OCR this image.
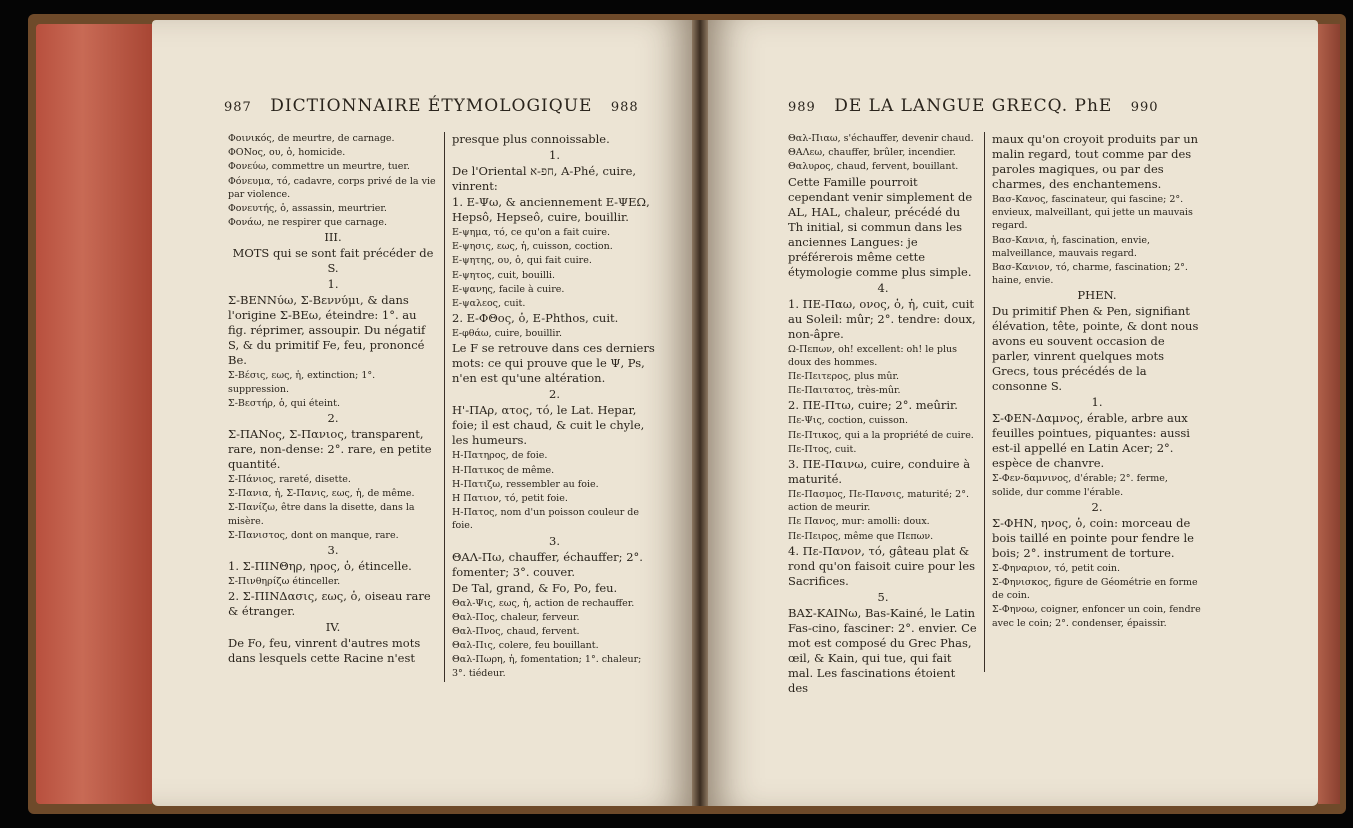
987 DICTIONNAIRE ÉTYMOLOGIQUE 988

Φοινικός, de meurtre, de carnage.

ΦΟΝος, ου, ὁ, homicide.

Φονεύω, commettre un meurtre, tuer.

Φόνευμα, τό, cadavre, corps privé de la vie par violence.

Φονευτής, ὁ, assassin, meurtrier.

Φονάω, ne respirer que carnage.

III.

MOTS qui se sont fait précéder de S.

1.

Σ-ΒΕΝΝύω, Σ-Βεννύμι, & dans l'origine Σ-ΒΕω, éteindre: 1°. au fig. réprimer, assoupir. Du négatif S, & du primitif Fe, feu, prononcé Be.

Σ-Βέσις, εως, ἡ, extinction; 1°. suppression.

Σ-Βεστήρ, ὁ, qui éteint.

2.

Σ-ΠΑΝος, Σ-Πανιος, transparent, rare, non-dense: 2°. rare, en petite quantité.

Σ-Πάνιος, rareté, disette.

Σ-Πανια, ἡ, Σ-Πανις, εως, ἡ, de même.

Σ-Πανίζω, être dans la disette, dans la misère.

Σ-Πανιστος, dont on manque, rare.

3.

1. Σ-ΠΙΝΘηρ, ηρος, ὁ, étincelle.

Σ-Πινθηρίζω étinceller.

2. Σ-ΠΙΝΔασις, εως, ὁ, oiseau rare & étranger.

IV.

De Fo, feu, vinrent d'autres mots dans lesquels cette Racine n'est

presque plus connoissable.

1.

De l'Oriental חפ-א, A-Phé, cuire, vinrent:

1. Ε-Ψω, & anciennement Ε-ΨΕΩ, Hepsô, Hepseô, cuire, bouillir.

Ε-ψημα, τό, ce qu'on a fait cuire.

Ε-ψησις, εως, ἡ, cuisson, coction.

Ε-ψητης, ου, ὁ, qui fait cuire.

Ε-ψητος, cuit, bouilli.

Ε-ψανης, facile à cuire.

Ε-ψαλεος, cuit.

2. Ε-ΦΘος, ὁ, E-Phthos, cuit.

Ε-φθάω, cuire, bouillir.

Le F se retrouve dans ces derniers mots: ce qui prouve que le Ψ, Ps, n'en est qu'une altération.

2.

Η'-ΠΑρ, ατος, τό, le Lat. Hepar, foie; il est chaud, & cuit le chyle, les humeurs.

Η-Πατηρος, de foie.

Η-Πατικος de même.

Η-Πατιζω, ressembler au foie.

Η Πατιον, τό, petit foie.

Η-Πατος, nom d'un poisson couleur de foie.

3.

ΘΑΛ-Πω, chauffer, échauffer; 2°. fomenter; 3°. couver.

De Tal, grand, & Fo, Po, feu.

Θαλ-Ψις, εως, ἡ, action de rechauffer.

Θαλ-Πος, chaleur, ferveur.

Θαλ-Πνος, chaud, fervent.

Θαλ-Πις, colere, feu bouillant.

Θαλ-Πωρη, ἡ, fomentation; 1°. chaleur; 3°. tiédeur.

989 DE LA LANGUE GRECQ. PhE 990

Θαλ-Πιαω, s'échauffer, devenir chaud.

ΘΑΛεω, chauffer, brûler, incendier.

Θαλυρος, chaud, fervent, bouillant.

Cette Famille pourroit cependant venir simplement de AL, HAL, chaleur, précédé du Th initial, si commun dans les anciennes Langues: je préférerois même cette étymologie comme plus simple.

4.

1. ΠΕ-Παω, ονος, ὁ, ἡ, cuit, cuit au Soleil: mûr; 2°. tendre: doux, non-âpre.

Ω-Πεπων, oh! excellent: oh! le plus doux des hommes.

Πε-Πειτερος, plus mûr.

Πε-Παιτατος, très-mûr.

2. ΠΕ-Πτω, cuire; 2°. meûrir.

Πε-Ψις, coction, cuisson.

Πε-Πτικος, qui a la propriété de cuire.

Πε-Πτος, cuit.

3. ΠΕ-Παινω, cuire, conduire à maturité.

Πε-Πασμος, Πε-Πανσις, maturité; 2°. action de meurir.

Πε Πανος, mur: amolli: doux.

Πε-Πειρος, même que Πεπων.

4. Πε-Πανον, τό, gâteau plat & rond qu'on faisoit cuire pour les Sacrifices.

5.

ΒΑΣ-ΚΑΙΝω, Bas-Kainé, le Latin Fas-cino, fasciner: 2°. envier. Ce mot est composé du Grec Phas, œil, & Kain, qui tue, qui fait mal. Les fascinations étoient des

maux qu'on croyoit produits par un malin regard, tout comme par des paroles magiques, ou par des charmes, des enchantemens.

Βασ-Κανος, fascinateur, qui fascine; 2°. envieux, malveillant, qui jette un mauvais regard.

Βασ-Κανια, ἡ, fascination, envie, malveillance, mauvais regard.

Βασ-Κανιον, τό, charme, fascination; 2°. haine, envie.

PHEN.

Du primitif Phen & Pen, signifiant élévation, tête, pointe, & dont nous avons eu souvent occasion de parler, vinrent quelques mots Grecs, tous précédés de la consonne S.

1.

Σ-ΦΕΝ-Δαμνος, érable, arbre aux feuilles pointues, piquantes: aussi est-il appellé en Latin Acer; 2°. espèce de chanvre.

Σ-Φεν-δαμνινος, d'érable; 2°. ferme, solide, dur comme l'érable.

2.

Σ-ΦΗΝ, ηνος, ὁ, coin: morceau de bois taillé en pointe pour fendre le bois; 2°. instrument de torture.

Σ-Φηναριον, τό, petit coin.

Σ-Φηνισκος, figure de Géométrie en forme de coin.

Σ-Φηνοω, coigner, enfoncer un coin, fendre avec le coin; 2°. condenser, épaissir.
